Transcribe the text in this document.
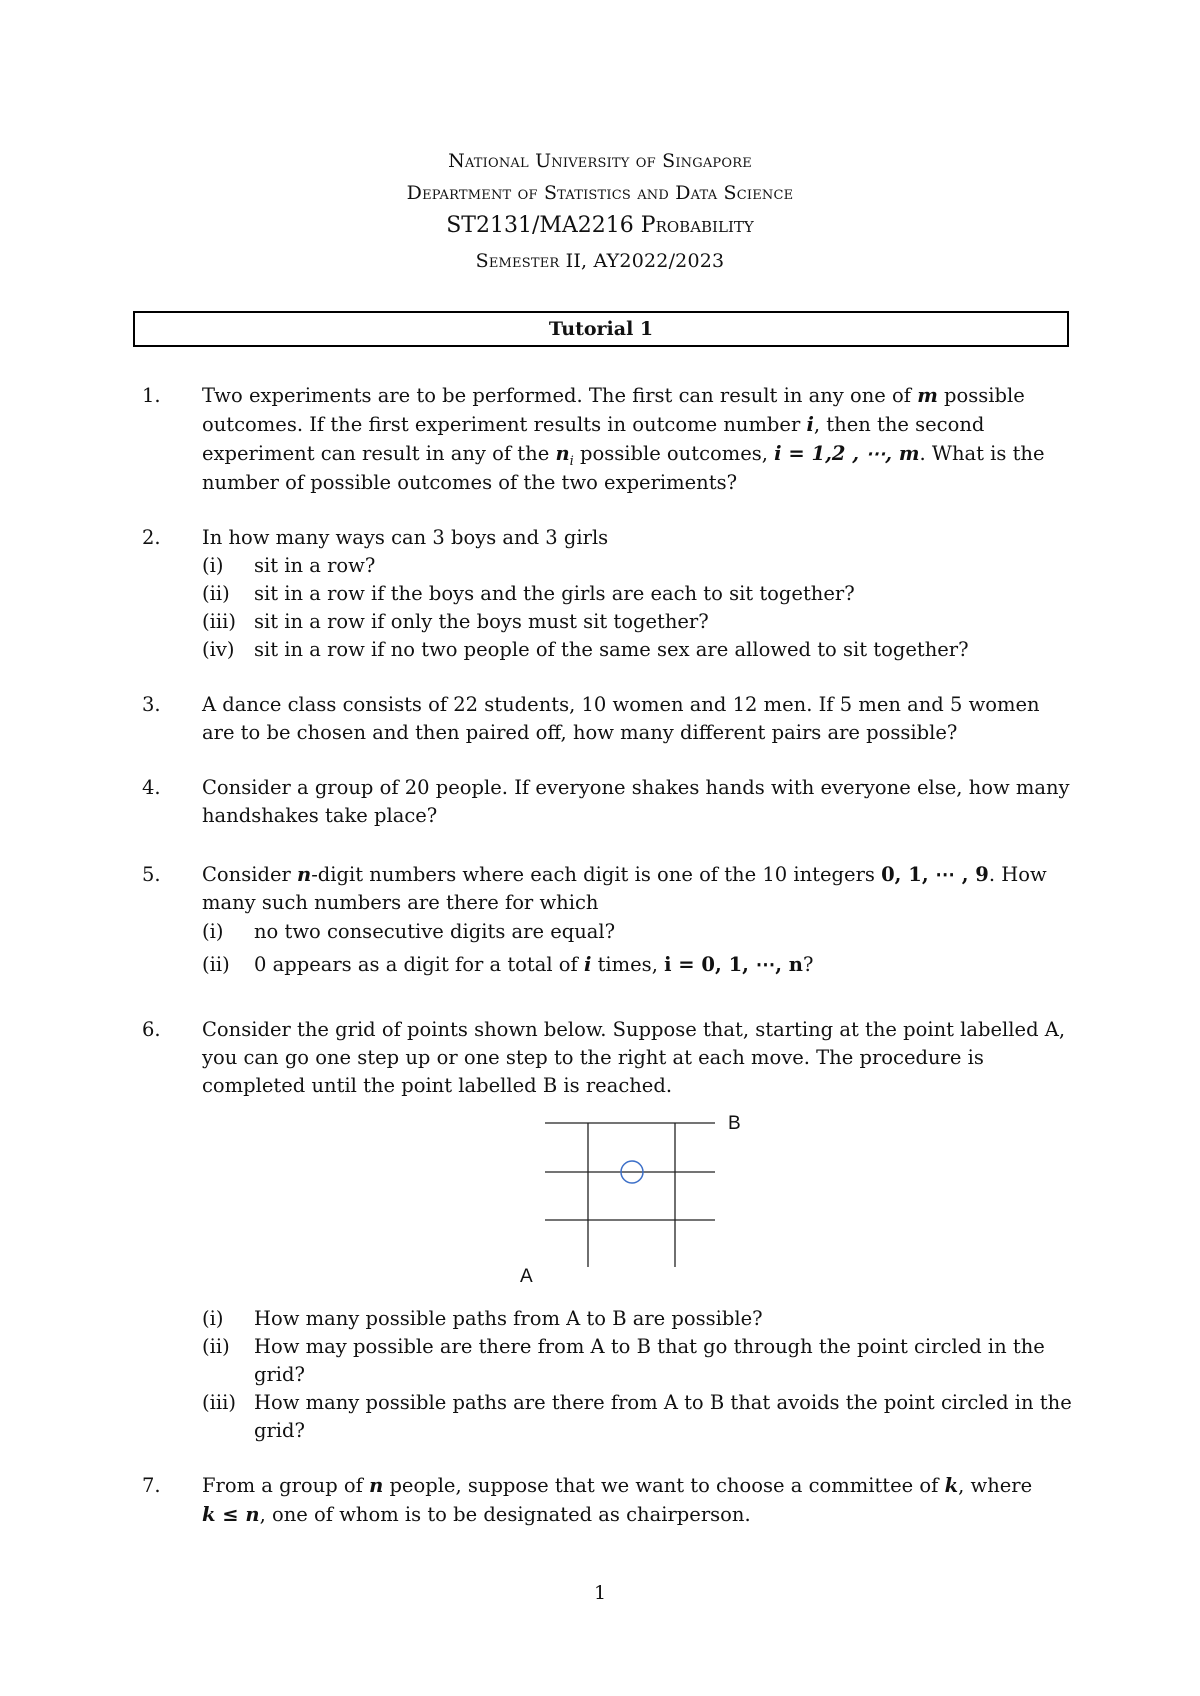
National University of Singapore
Department of Statistics and Data Science
ST2131/MA2216 Probability
Semester II, AY2022/2023
Tutorial 1
1. Two experiments are to be performed. The first can result in any one of m possible
outcomes. If the first experiment results in outcome number i, then the second
experiment can result in any of the $n_i$ possible outcomes, i = 1,2 , ⋯, m. What is the
number of possible outcomes of the two experiments?
2. In how many ways can 3 boys and 3 girls
(i) sit in a row?
(ii) sit in a row if the boys and the girls are each to sit together?
(iii) sit in a row if only the boys must sit together?
(iv) sit in a row if no two people of the same sex are allowed to sit together?
3. A dance class consists of 22 students, 10 women and 12 men. If 5 men and 5 women
are to be chosen and then paired off, how many different pairs are possible?
4. Consider a group of 20 people. If everyone shakes hands with everyone else, how many
handshakes take place?
5. Consider n-digit numbers where each digit is one of the 10 integers 0, 1, ⋯ , 9. How
many such numbers are there for which
(i) no two consecutive digits are equal?
(ii) 0 appears as a digit for a total of i times, i = 0, 1, ⋯, n?
6. Consider the grid of points shown below. Suppose that, starting at the point labelled A,
you can go one step up or one step to the right at each move. The procedure is
completed until the point labelled B is reached.
B
A
(i) How many possible paths from A to B are possible?
(ii) How may possible are there from A to B that go through the point circled in the
grid?
(iii) How many possible paths are there from A to B that avoids the point circled in the
grid?
7. From a group of n people, suppose that we want to choose a committee of k, where
k ≤ n, one of whom is to be designated as chairperson.
1
